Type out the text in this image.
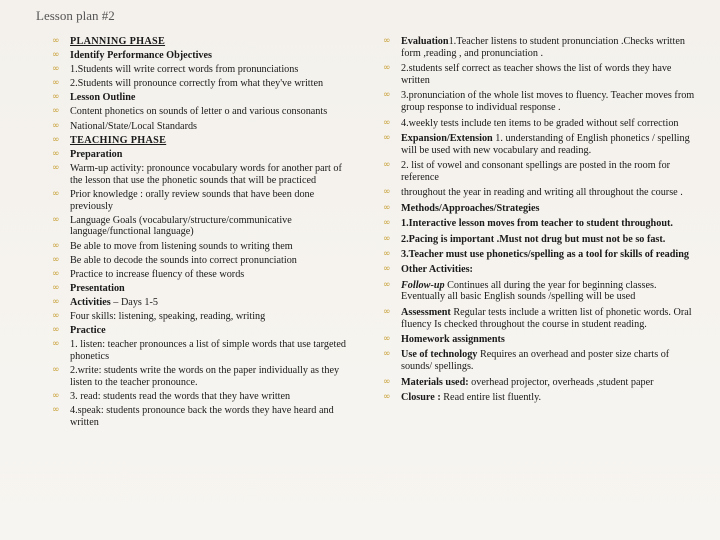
Lesson plan #2
∞	PLANNING PHASE
∞	Identify Performance Objectives
∞	1.Students will write correct words from pronunciations
∞	2.Students will pronounce correctly from what they've written
∞	Lesson Outline
∞	Content phonetics on sounds of letter o and various consonants
∞	National/State/Local Standards
∞	TEACHING PHASE
∞	Preparation
∞	Warm-up activity: pronounce vocabulary words for another part of the lesson that use the phonetic sounds that will be practiced
∞	Prior knowledge : orally review sounds that have been done previously
∞	Language Goals (vocabulary/structure/communicative language/functional language)
∞	Be able to move from listening sounds to writing them
∞	Be able to decode the sounds into correct pronunciation
∞	Practice to increase fluency of these words
∞	Presentation
∞	Activities – Days 1-5
∞	Four skills: listening, speaking, reading, writing
∞	Practice
∞	1. listen: teacher pronounces a list of simple words that use targeted phonetics
∞	2.write: students write the words on the paper individually as they listen to the teacher pronounce.
∞	3. read: students read the words that they have written
∞	4.speak: students pronounce back the words they have heard and written
∞	Evaluation1.Teacher listens to student pronunciation .Checks written form ,reading , and pronunciation .
∞	2.students self correct as teacher shows the list of words they have written
∞	3.pronunciation of the whole list moves to fluency. Teacher moves from group response to individual response .
∞	4.weekly tests include ten items to be graded without self correction
∞	Expansion/Extension 1. understanding of English phonetics / spelling will be used with new vocabulary and reading.
∞	2. list of vowel and consonant spellings are posted in the room for reference
∞	throughout the year in reading and writing all throughout the course .
∞	Methods/Approaches/Strategies
∞	1.Interactive lesson moves from teacher to student throughout.
∞	2.Pacing is important .Must not drug but must not be so fast.
∞	3.Teacher must use phonetics/spelling as a tool for skills of reading
∞	Other Activities:
∞	Follow-up Continues all during the year for beginning classes. Eventually all basic English sounds /spelling will be used
∞	Assessment Regular tests include a written list of phonetic words. Oral fluency Is checked throughout the course in student reading.
∞	Homework assignments
∞	Use of technology Requires an overhead and poster size charts of sounds/ spellings.
∞	Materials used: overhead projector, overheads ,student paper
∞	Closure : Read entire list fluently.
